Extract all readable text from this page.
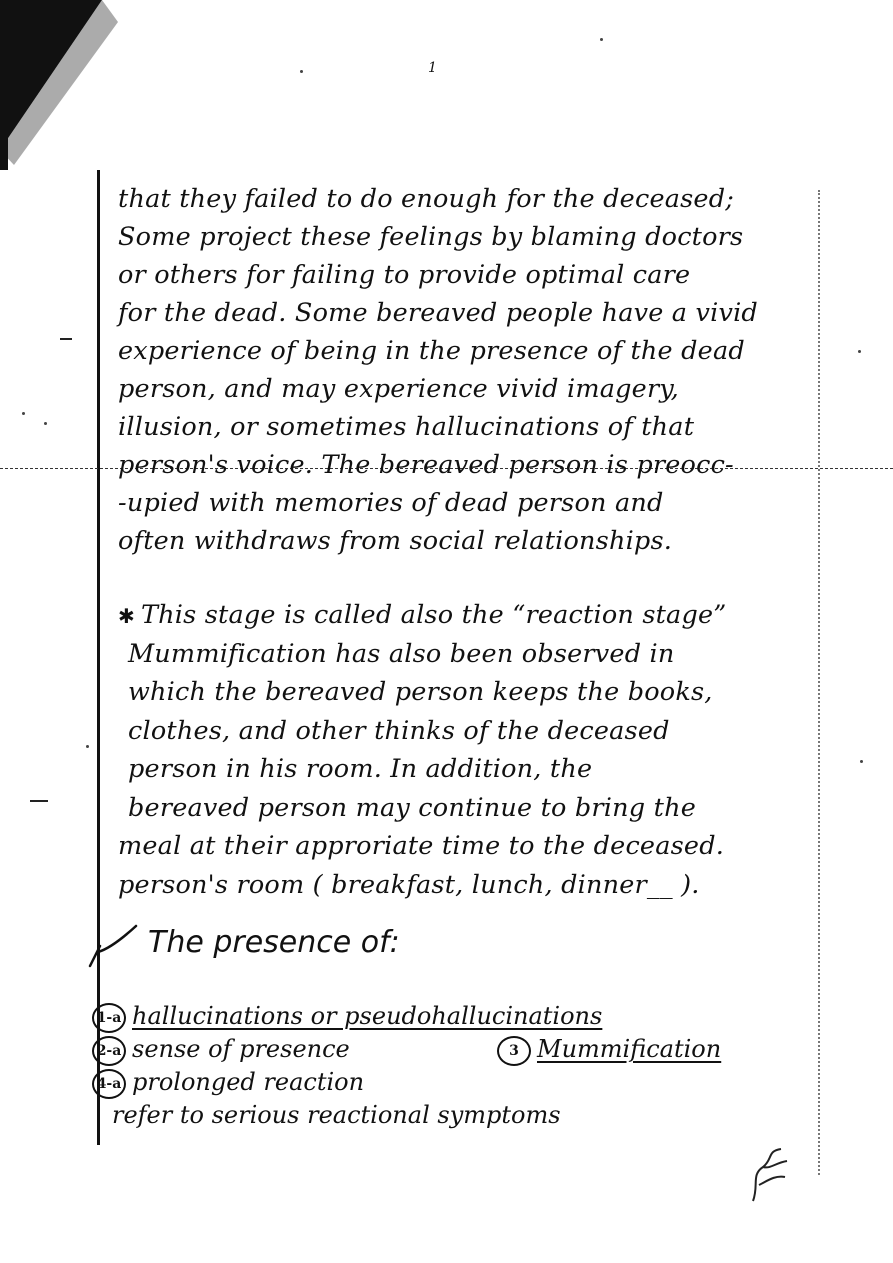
1
that they failed to do enough for the deceased;
Some project these feelings by blaming doctors
or others for failing to provide optimal care
for the dead. Some bereaved people have a vivid
experience of being in the presence of the dead
person, and may experience vivid imagery,
illusion, or sometimes hallucinations of that
person's voice. The bereaved person is preocc-
-upied with memories of dead person and
often withdraws from social relationships.
✱ This stage is called also the “reaction stage”
Mummification has also been observed in
which the bereaved person keeps the books,
clothes, and other thinks of the deceased
person in his room. In addition, the
bereaved person may continue to bring the
meal at their approriate time to the deceased.
person's room ( breakfast, lunch, dinner__ ).
The presence of:
1-a hallucinations or pseudohallucinations
2-a sense of presence	3 Mummification
4-a prolonged reaction
refer to serious reactional symptoms
